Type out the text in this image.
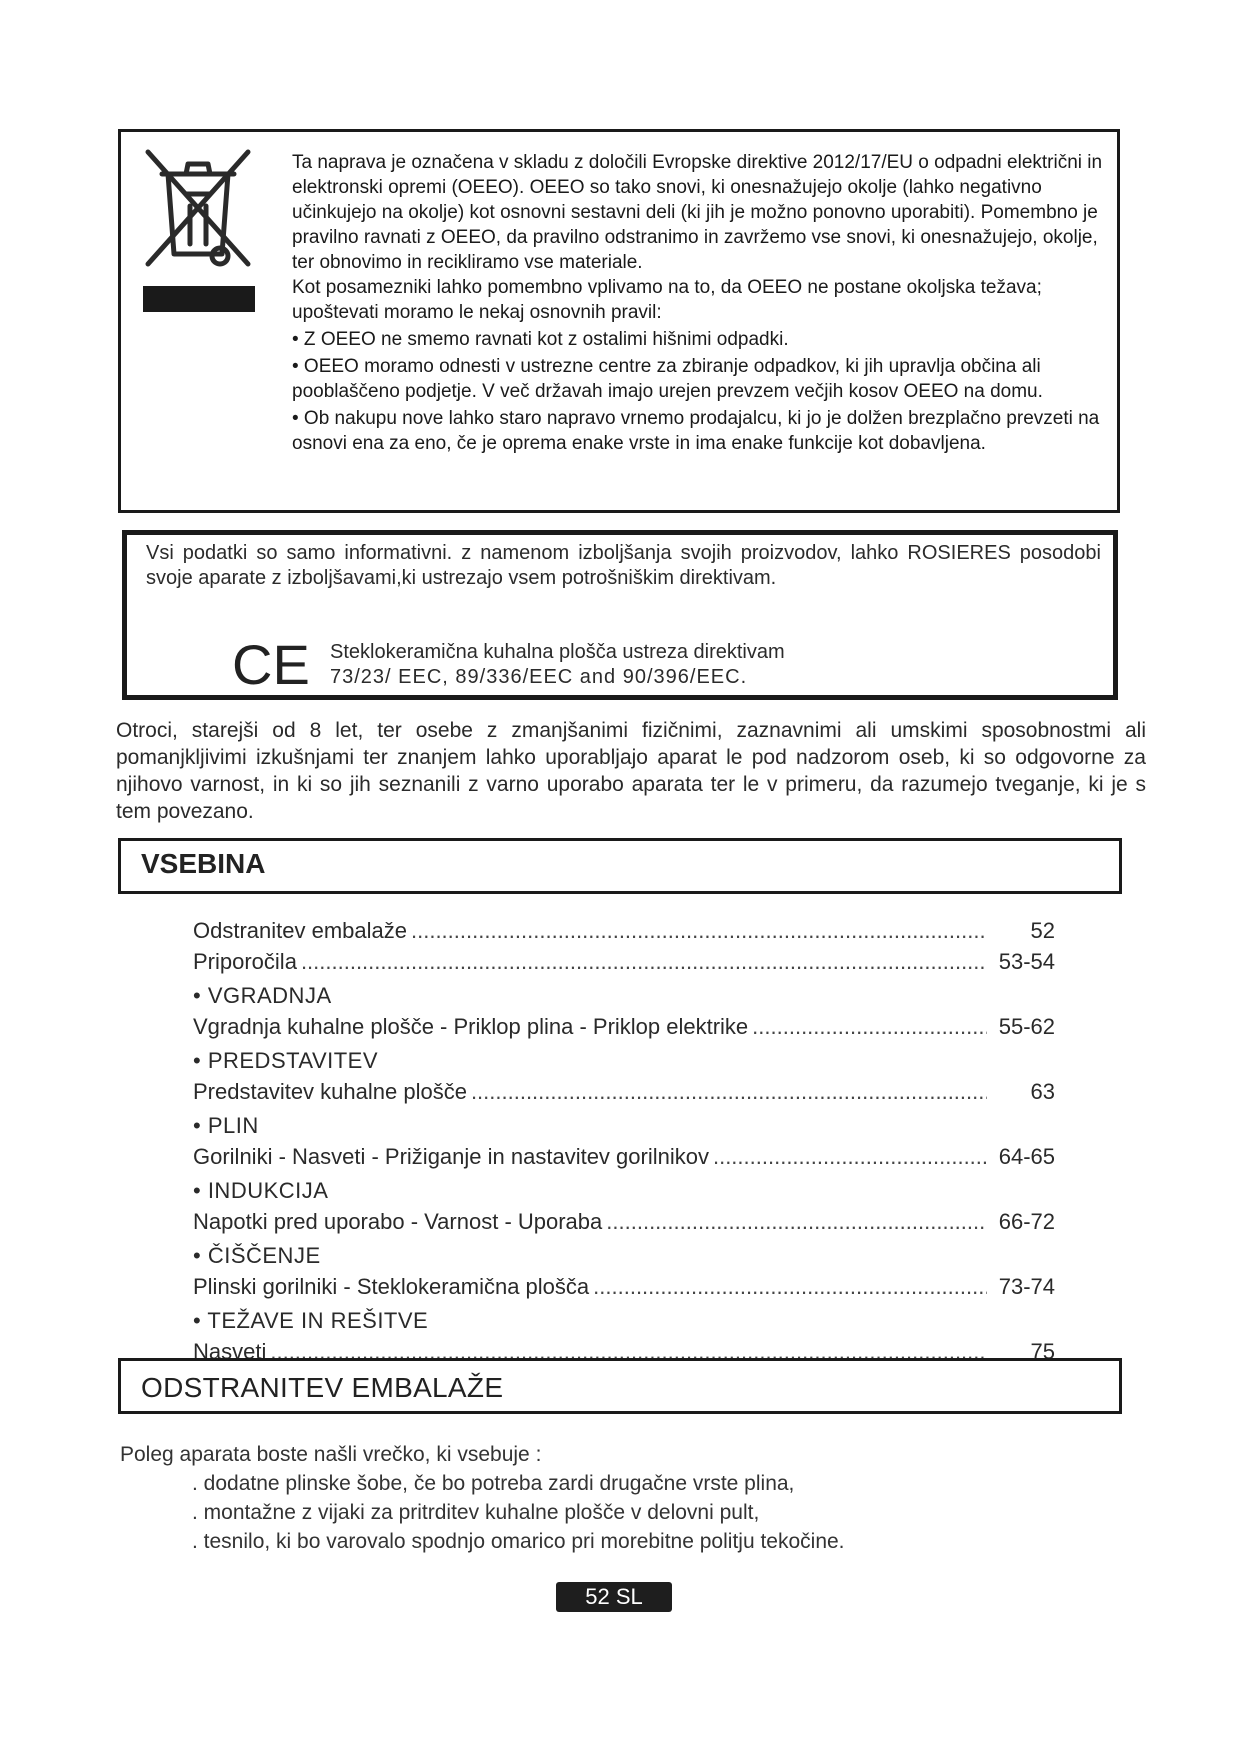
Ta naprava je označena v skladu z določili Evropske direktive 2012/17/EU o odpadni električni in elektronski opremi (OEEO). OEEO so tako snovi, ki onesnažujejo okolje (lahko negativno učinkujejo na okolje) kot osnovni sestavni deli (ki jih je možno ponovno uporabiti). Pomembno je pravilno ravnati z OEEO, da pravilno odstranimo in zavržemo vse snovi, ki onesnažujejo, okolje, ter obnovimo in recikliramo vse materiale.

Kot posamezniki lahko pomembno vplivamo na to, da OEEO ne postane okoljska težava; upoštevati moramo le nekaj osnovnih pravil:

• Z OEEO ne smemo ravnati kot z ostalimi hišnimi odpadki.

• OEEO moramo odnesti v ustrezne centre za zbiranje odpadkov, ki jih upravlja občina ali pooblaščeno podjetje. V več državah imajo urejen prevzem večjih kosov OEEO na domu.

• Ob nakupu nove lahko staro napravo vrnemo prodajalcu, ki jo je dolžen brezplačno prevzeti na osnovi ena za eno, če je oprema enake vrste in ima enake funkcije kot dobavljena.

Vsi podatki so samo informativni. z namenom izboljšanja svojih proizvodov, lahko ROSIERES posodobi svoje aparate z izboljšavami,ki ustrezajo vsem potrošniškim direktivam.
CE Steklokeramična kuhalna plošča ustreza direktivam
73/23/ EEC, 89/336/EEC and 90/396/EEC.
Otroci, starejši od 8 let, ter osebe z zmanjšanimi fizičnimi, zaznavnimi ali umskimi sposobnostmi ali pomanjkljivimi izkušnjami ter znanjem lahko uporabljajo aparat le pod nadzorom oseb, ki so odgovorne za njihovo varnost, in ki so jih seznanili z varno uporabo aparata ter le v primeru, da razumejo tveganje, ki je s tem povezano.
VSEBINA
Odstranitev embalaže .....	52
Priporočila .....	53-54
• VGRADNJA
Vgradnja kuhalne plošče - Priklop plina - Priklop elektrike .....	55-62
• PREDSTAVITEV
Predstavitev kuhalne plošče .....	63
• PLIN
Gorilniki - Nasveti - Prižiganje in nastavitev gorilnikov .....	64-65
• INDUKCIJA
Napotki pred uporabo - Varnost - Uporaba .....	66-72
• ČIŠČENJE
Plinski gorilniki - Steklokeramična plošča .....	73-74
• TEŽAVE IN REŠITVE
Nasveti .....	75
ODSTRANITEV EMBALAŽE
Poleg aparata boste našli vrečko, ki vsebuje :
. dodatne plinske šobe, če bo potreba zardi drugačne vrste plina,
. montažne z vijaki za pritrditev kuhalne plošče v delovni pult,
. tesnilo, ki bo varovalo spodnjo omarico pri morebitne politju tekočine.
52 SL
